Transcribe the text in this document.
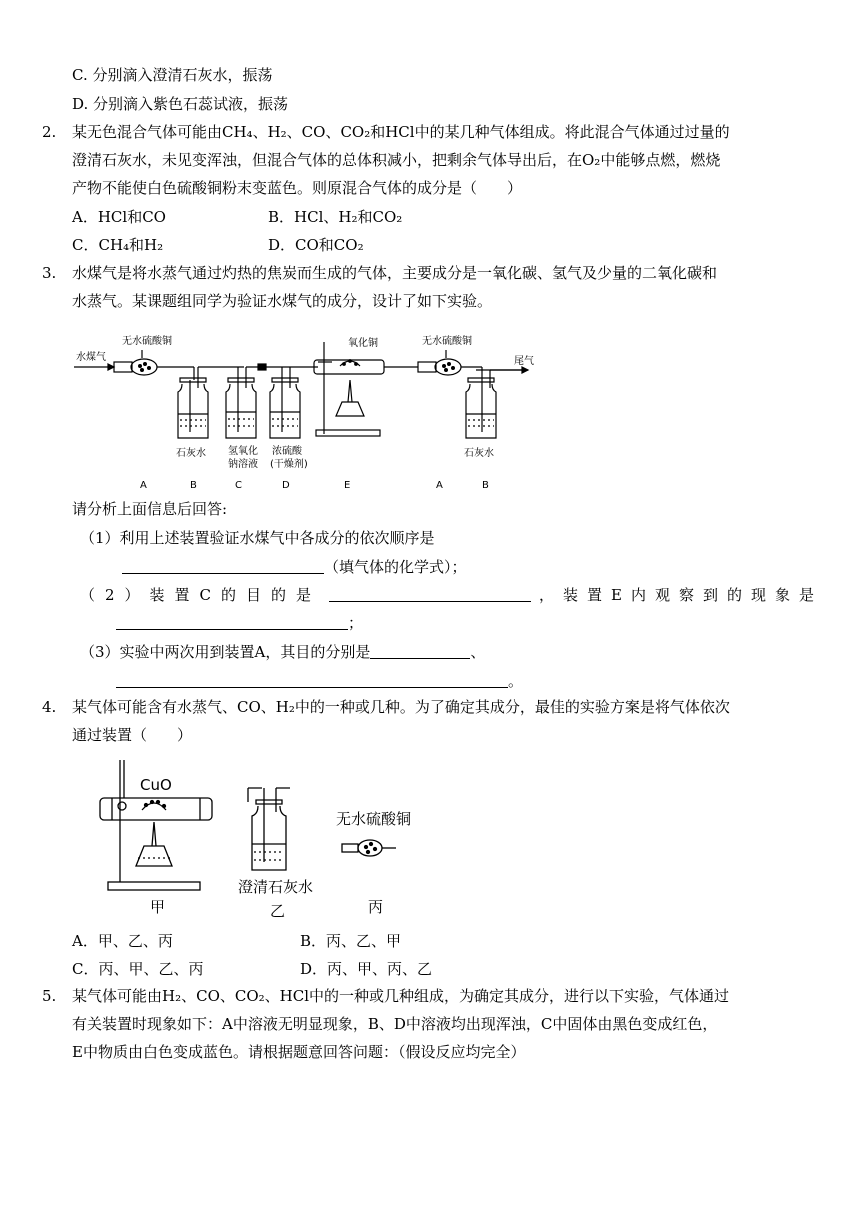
C. 分别滴入澄清石灰水，振荡
D. 分别滴入紫色石蕊试液，振荡
2.	某无色混合气体可能由CH₄、H₂、CO、CO₂和HCl中的某几种气体组成。将此混合气体通过过量的
澄清石灰水，未见变浑浊，但混合气体的总体积减小，把剩余气体导出后，在O₂中能够点燃，燃烧
产物不能使白色硫酸铜粉末变蓝色。则原混合气体的成分是（　　）
A．HCl和CO	B．HCl、H₂和CO₂
C．CH₄和H₂	D．CO和CO₂
3.	水煤气是将水蒸气通过灼热的焦炭而生成的气体，主要成分是一氧化碳、氢气及少量的二氧化碳和
水蒸气。某课题组同学为验证水煤气的成分，设计了如下实验。
水煤气
无水硫酸铜	氧化铜	无水硫酸铜
尾气
石灰水 氢氧化
钠溶液
浓硫酸
(干燥剂)
石灰水
A	B	C	D	E	A	B
请分析上面信息后回答:
（1）利用上述装置验证水煤气中各成分的依次顺序是
（填气体的化学式）；
（2）装置C的目的是	，装置E内观察到的现象是
；
（3）实验中两次用到装置A，其目的分别是	、
。
4.	某气体可能含有水蒸气、CO、H₂中的一种或几种。为了确定其成分，最佳的实验方案是将气体依次
通过装置（　　）
CuO
无水硫酸铜
澄清石灰水
甲	乙	丙
A．甲、乙、丙	B．丙、乙、甲
C．丙、甲、乙、丙	D．丙、甲、丙、乙
5.	某气体可能由H₂、CO、CO₂、HCl中的一种或几种组成，为确定其成分，进行以下实验，气体通过
有关装置时现象如下：A中溶液无明显现象，B、D中溶液均出现浑浊，C中固体由黑色变成红色，
E中物质由白色变成蓝色。请根据题意回答问题：（假设反应均完全）
